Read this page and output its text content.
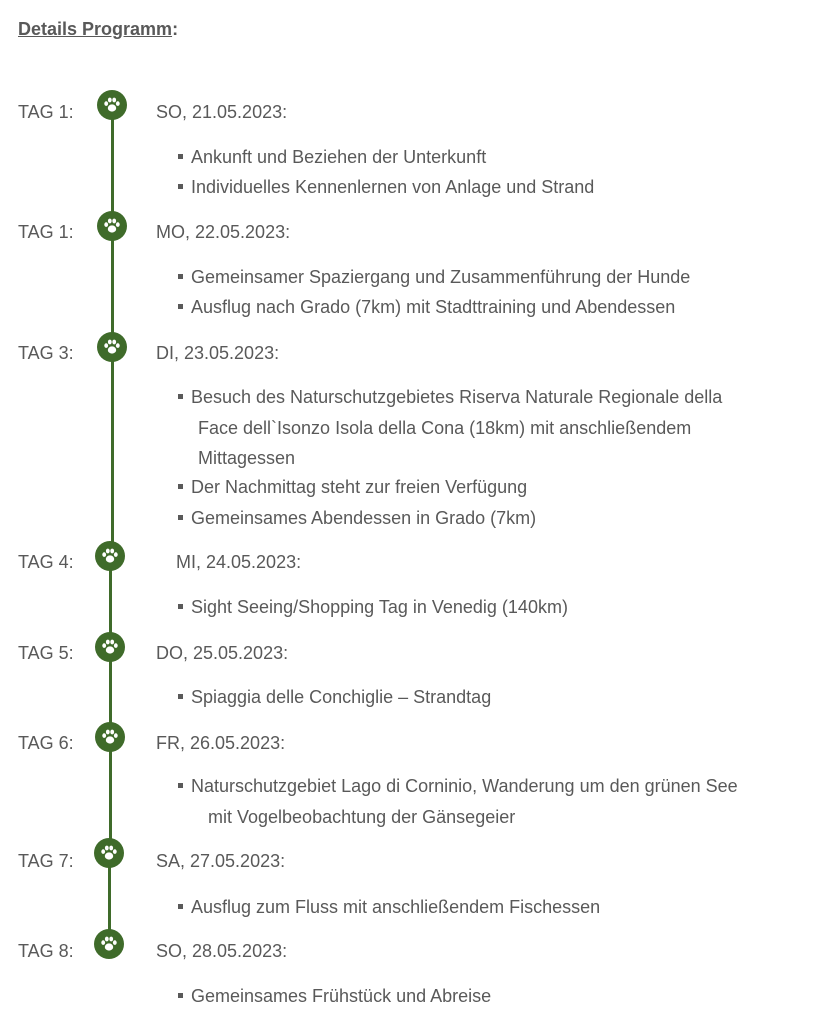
Details Programm:
TAG 1:	SO, 21.05.2023:
Ankunft und Beziehen der Unterkunft
Individuelles Kennenlernen von Anlage und Strand
TAG 1:	MO, 22.05.2023:
Gemeinsamer Spaziergang und Zusammenführung der Hunde
Ausflug nach Grado (7km) mit Stadttraining und Abendessen
TAG 3:	DI, 23.05.2023:
Besuch des Naturschutzgebietes Riserva Naturale Regionale della
Face dell`Isonzo Isola della Cona (18km) mit anschließendem
Mittagessen
Der Nachmittag steht zur freien Verfügung
Gemeinsames Abendessen in Grado (7km)
TAG 4:	MI, 24.05.2023:
Sight Seeing/Shopping Tag in Venedig (140km)
TAG 5:	DO, 25.05.2023:
Spiaggia delle Conchiglie – Strandtag
TAG 6:	FR, 26.05.2023:
Naturschutzgebiet Lago di Corninio, Wanderung um den grünen See
mit Vogelbeobachtung der Gänsegeier
TAG 7:	SA, 27.05.2023:
Ausflug zum Fluss mit anschließendem Fischessen
TAG 8:	SO, 28.05.2023:
Gemeinsames Frühstück und Abreise
